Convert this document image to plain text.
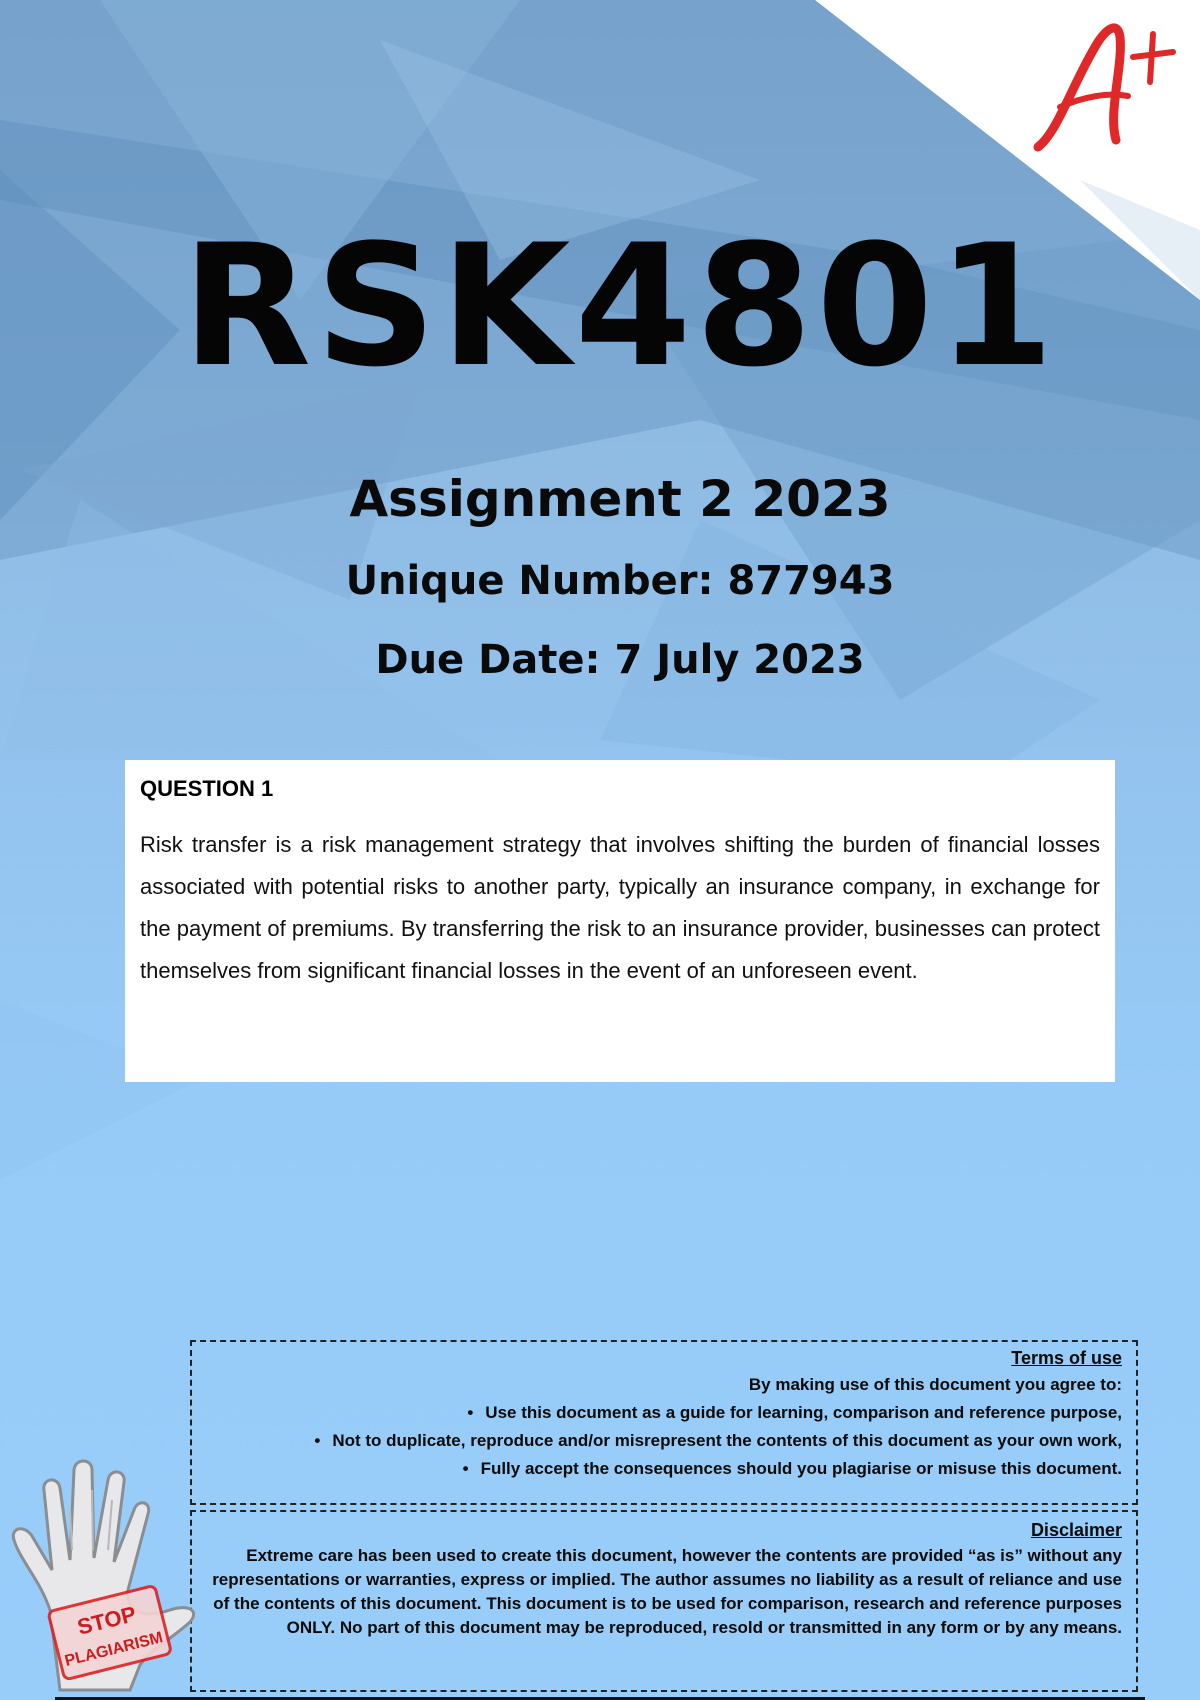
RSK4801
Assignment 2 2023
Unique Number: 877943
Due Date: 7 July 2023
QUESTION 1

Risk transfer is a risk management strategy that involves shifting the burden of financial losses associated with potential risks to another party, typically an insurance company, in exchange for the payment of premiums. By transferring the risk to an insurance provider, businesses can protect themselves from significant financial losses in the event of an unforeseen event.

Terms of use
By making use of this document you agree to:
• Use this document as a guide for learning, comparison and reference purpose,
• Not to duplicate, reproduce and/or misrepresent the contents of this document as your own work,
• Fully accept the consequences should you plagiarise or misuse this document.
Disclaimer
Extreme care has been used to create this document, however the contents are provided “as is” without any representations or warranties, express or implied. The author assumes no liability as a result of reliance and use of the contents of this document. This document is to be used for comparison, research and reference purposes ONLY. No part of this document may be reproduced, resold or transmitted in any form or by any means.
STOP
PLAGIARISM
